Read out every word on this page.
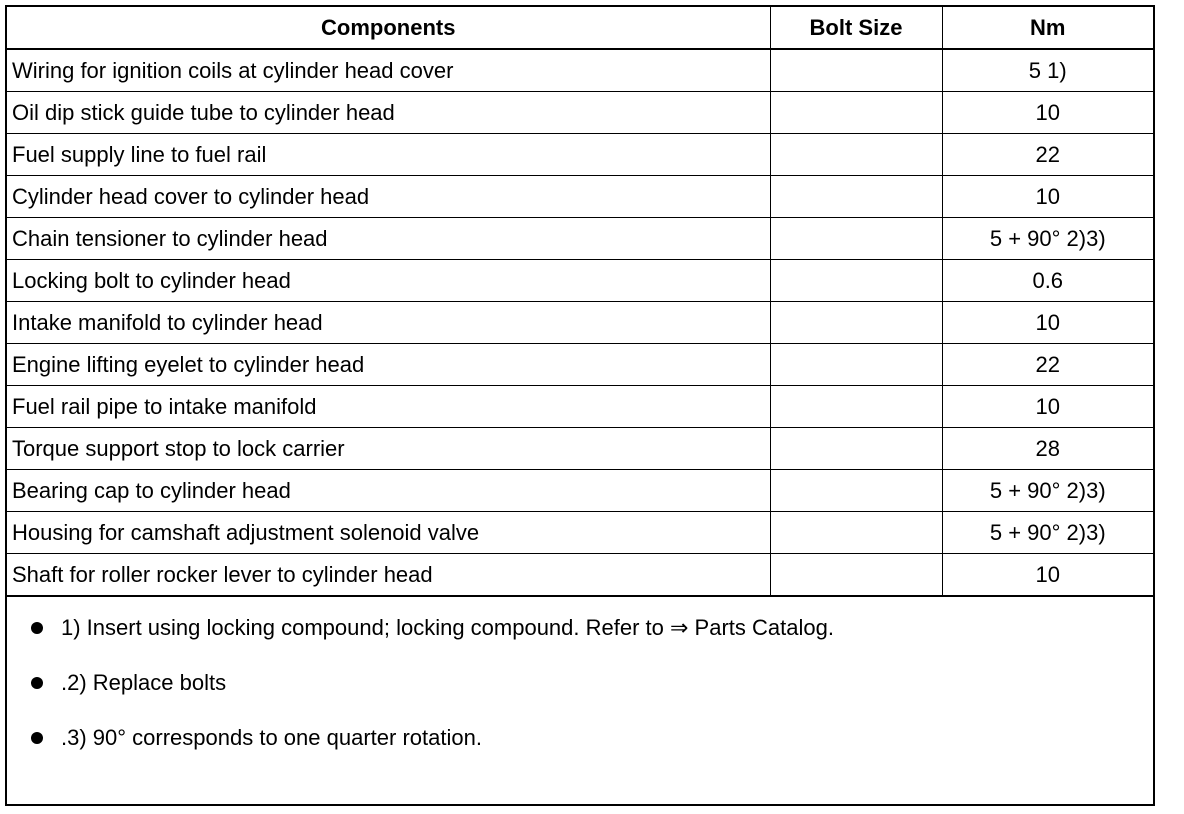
Components	Bolt Size	Nm
Wiring for ignition coils at cylinder head cover		5 1)
Oil dip stick guide tube to cylinder head		10
Fuel supply line to fuel rail		22
Cylinder head cover to cylinder head		10
Chain tensioner to cylinder head		5 + 90° 2)3)
Locking bolt to cylinder head		0.6
Intake manifold to cylinder head		10
Engine lifting eyelet to cylinder head		22
Fuel rail pipe to intake manifold		10
Torque support stop to lock carrier		28
Bearing cap to cylinder head		5 + 90° 2)3)
Housing for camshaft adjustment solenoid valve		5 + 90° 2)3)
Shaft for roller rocker lever to cylinder head		10
1) Insert using locking compound; locking compound. Refer to ⇒ Parts Catalog.
.2) Replace bolts
.3) 90° corresponds to one quarter rotation.
